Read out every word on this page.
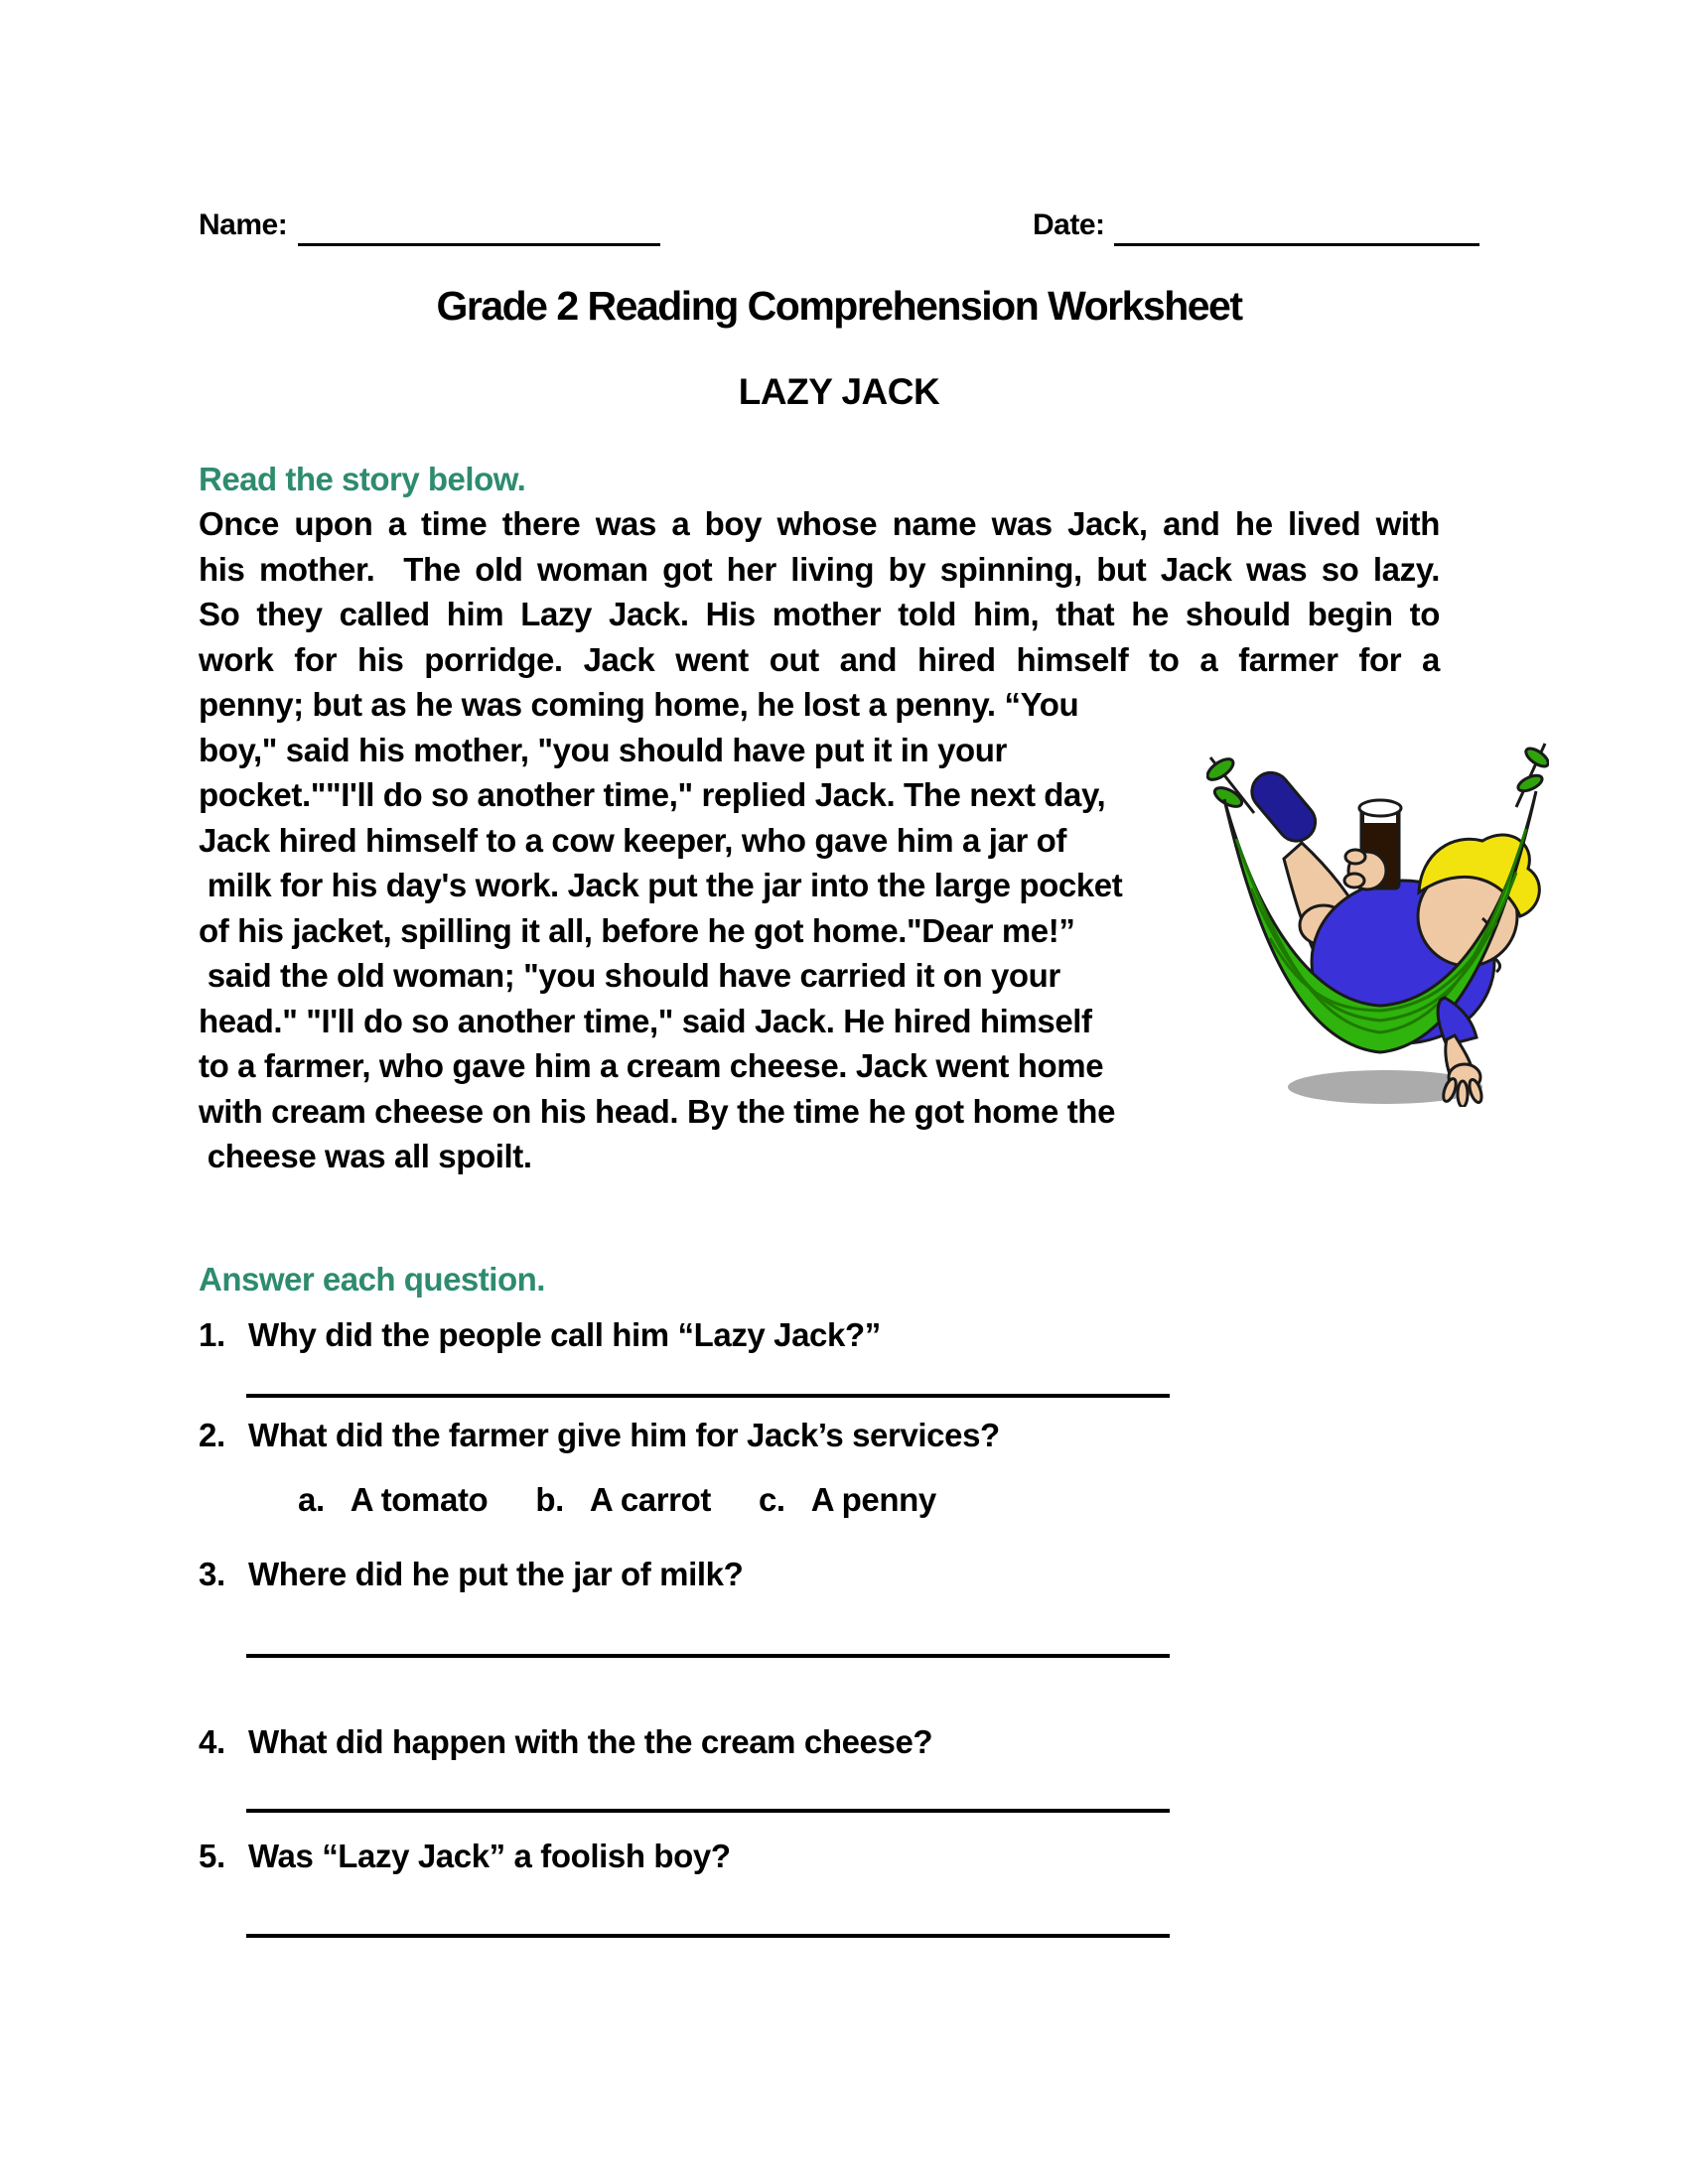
Name:	Date:
Grade 2 Reading Comprehension Worksheet
LAZY JACK
Read the story below.
Once upon a time there was a boy whose name was Jack, and he lived with
his mother.  The old woman got her living by spinning, but Jack was so lazy.
So they called him Lazy Jack. His mother told him, that he should begin to
work for his porridge. Jack went out and hired himself to a farmer for a
penny; but as he was coming home, he lost a penny. “You
boy," said his mother, "you should have put it in your
pocket.""I'll do so another time," replied Jack. The next day,
Jack hired himself to a cow keeper, who gave him a jar of
milk for his day's work. Jack put the jar into the large pocket
of his jacket, spilling it all, before he got home."Dear me!”
said the old woman; "you should have carried it on your
head." "I'll do so another time," said Jack. He hired himself
to a farmer, who gave him a cream cheese. Jack went home
with cream cheese on his head. By the time he got home the
cheese was all spoilt.
Answer each question.
1. Why did the people call him “Lazy Jack?”
2. What did the farmer give him for Jack’s services?
a. A tomato b. A carrot c. A penny
3. Where did he put the jar of milk?
4. What did happen with the the cream cheese?
5. Was “Lazy Jack” a foolish boy?
